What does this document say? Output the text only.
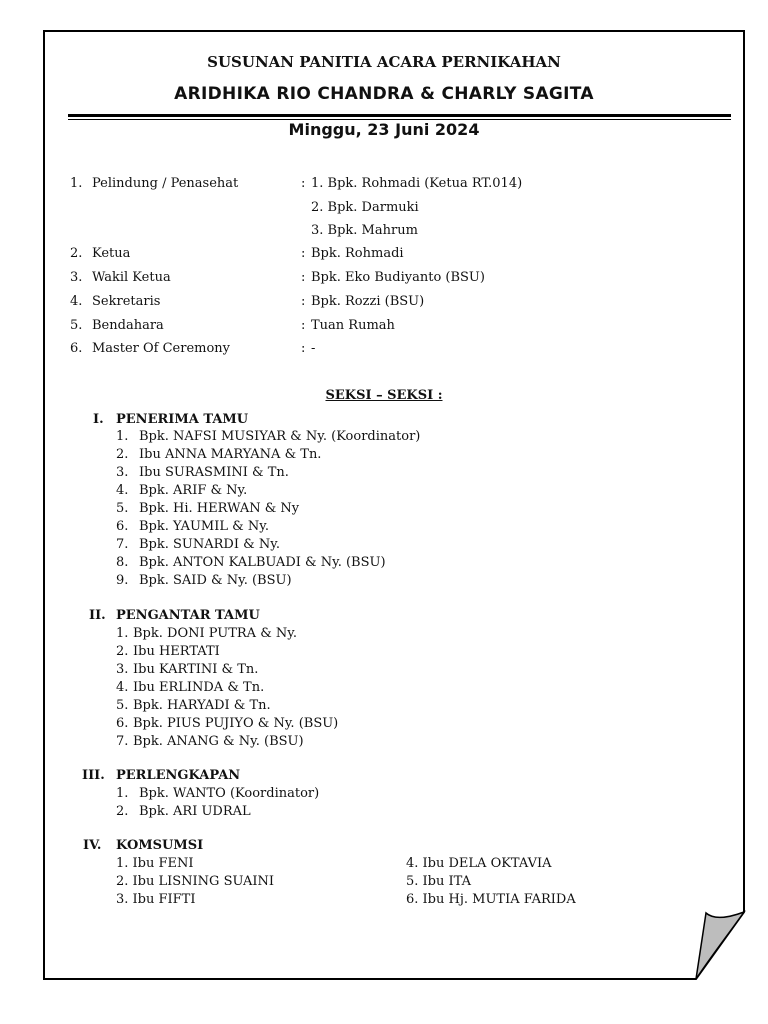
SUSUNAN PANITIA ACARA PERNIKAHAN
ARIDHIKA RIO CHANDRA & CHARLY SAGITA
Minggu, 23 Juni 2024
1. Pelindung / Penasehat	: 1. Bpk. Rohmadi (Ketua RT.014)
2. Bpk. Darmuki
3. Bpk. Mahrum
2. Ketua	: Bpk. Rohmadi
3. Wakil Ketua	: Bpk. Eko Budiyanto (BSU)
4. Sekretaris	: Bpk. Rozzi (BSU)
5. Bendahara	: Tuan Rumah
6. Master Of Ceremony	: -
SEKSI – SEKSI :
I. PENERIMA TAMU
1. Bpk. NAFSI MUSIYAR & Ny. (Koordinator)
2. Ibu ANNA MARYANA & Tn.
3. Ibu SURASMINI & Tn.
4. Bpk. ARIF & Ny.
5. Bpk. Hi. HERWAN & Ny
6. Bpk. YAUMIL & Ny.
7. Bpk. SUNARDI & Ny.
8. Bpk. ANTON KALBUADI & Ny. (BSU)
9. Bpk. SAID & Ny. (BSU)
II. PENGANTAR TAMU
1. Bpk. DONI PUTRA & Ny.
2. Ibu HERTATI
3. Ibu KARTINI & Tn.
4. Ibu ERLINDA & Tn.
5. Bpk. HARYADI & Tn.
6. Bpk. PIUS PUJIYO & Ny. (BSU)
7. Bpk. ANANG & Ny. (BSU)
III. PERLENGKAPAN
1. Bpk. WANTO (Koordinator)
2. Bpk. ARI UDRAL
IV. KOMSUMSI
1. Ibu FENI
2. Ibu LISNING SUAINI
3. Ibu FIFTI
4. Ibu DELA OKTAVIA
5. Ibu ITA
6. Ibu Hj. MUTIA FARIDA
